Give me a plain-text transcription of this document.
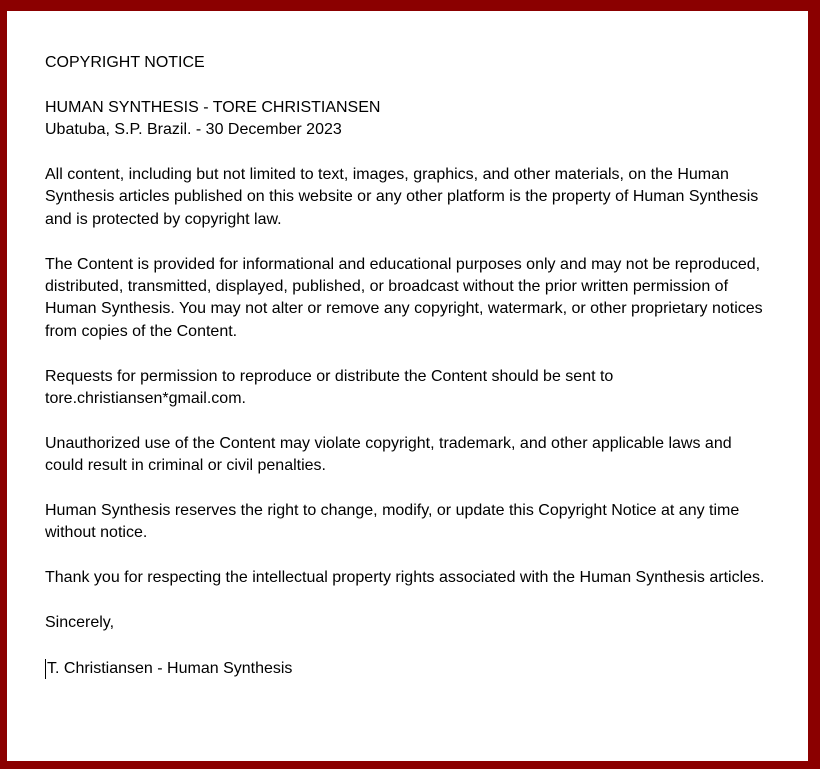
COPYRIGHT NOTICE

HUMAN SYNTHESIS - TORE CHRISTIANSEN
Ubatuba, S.P. Brazil. - 30 December 2023

All content, including but not limited to text, images, graphics, and other materials, on the Human Synthesis articles published on this website or any other platform is the property of Human Synthesis and is protected by copyright law.

The Content is provided for informational and educational purposes only and may not be reproduced, distributed, transmitted, displayed, published, or broadcast without the prior written permission of Human Synthesis. You may not alter or remove any copyright, watermark, or other proprietary notices from copies of the Content.

Requests for permission to reproduce or distribute the Content should be sent to tore.christiansen*gmail.com.

Unauthorized use of the Content may violate copyright, trademark, and other applicable laws and could result in criminal or civil penalties.

Human Synthesis reserves the right to change, modify, or update this Copyright Notice at any time without notice.

Thank you for respecting the intellectual property rights associated with the Human Synthesis articles.

Sincerely,

T. Christiansen - Human Synthesis
